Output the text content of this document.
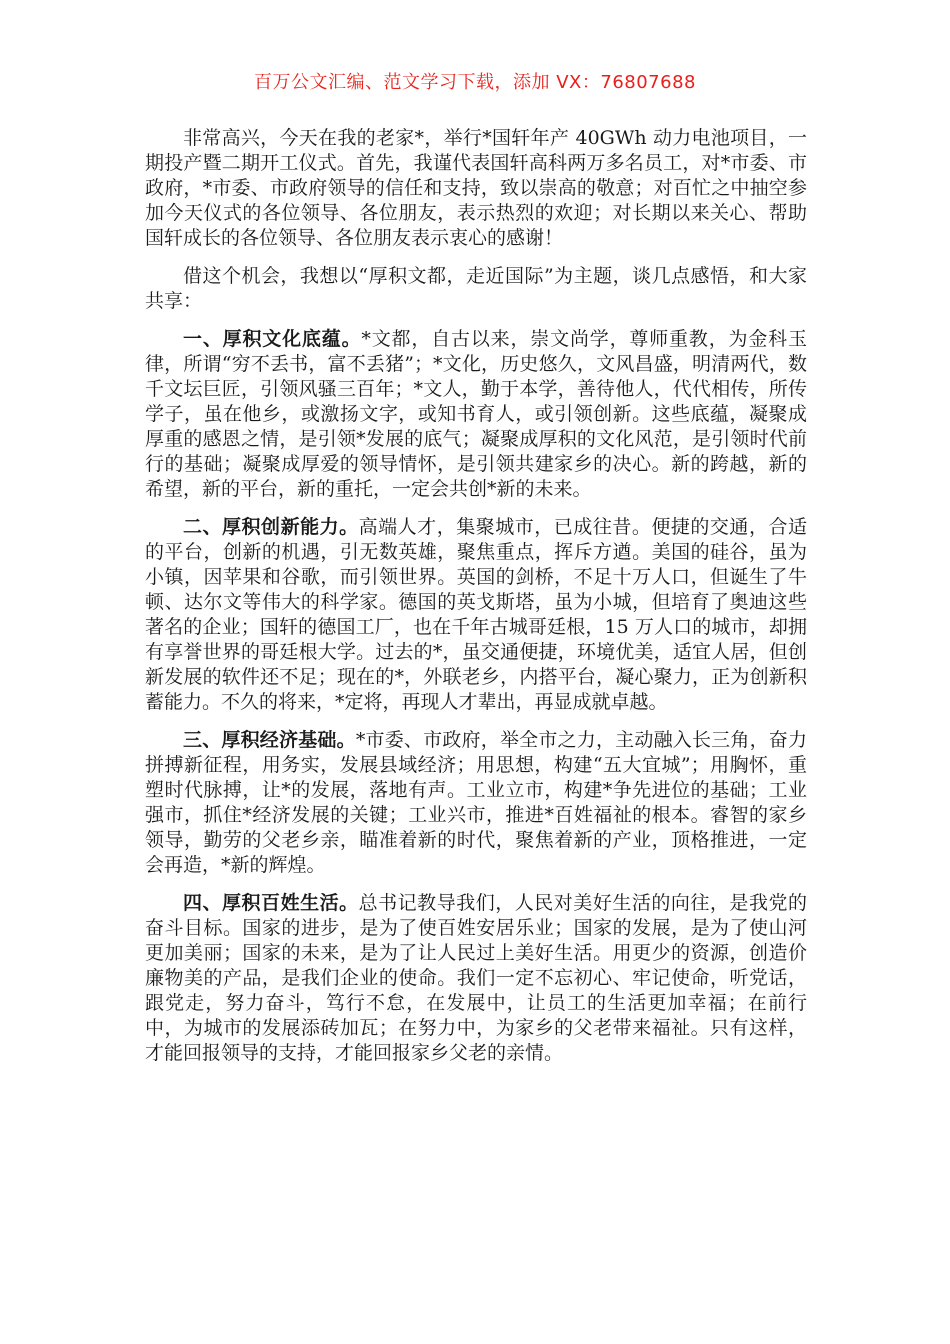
百万公文汇编、范文学习下载，添加 VX：76807688

非常高兴，今天在我的老家*，举行*国轩年产 40GWh 动力电池项目，一期投产暨二期开工仪式。首先，我谨代表国轩高科两万多名员工，对*市委、市政府，*市委、市政府领导的信任和支持，致以崇高的敬意；对百忙之中抽空参加今天仪式的各位领导、各位朋友，表示热烈的欢迎；对长期以来关心、帮助国轩成长的各位领导、各位朋友表示衷心的感谢！

借这个机会，我想以“厚积文都，走近国际”为主题，谈几点感悟，和大家共享：

一、厚积文化底蕴。*文都，自古以来，崇文尚学，尊师重教，为金科玉律，所谓“穷不丢书，富不丢猪”；*文化，历史悠久，文风昌盛，明清两代，数千文坛巨匠，引领风骚三百年；*文人，勤于本学，善待他人，代代相传，所传学子，虽在他乡，或激扬文字，或知书育人，或引领创新。这些底蕴，凝聚成厚重的感恩之情，是引领*发展的底气；凝聚成厚积的文化风范，是引领时代前行的基础；凝聚成厚爱的领导情怀，是引领共建家乡的决心。新的跨越，新的希望，新的平台，新的重托，一定会共创*新的未来。

二、厚积创新能力。高端人才，集聚城市，已成往昔。便捷的交通，合适的平台，创新的机遇，引无数英雄，聚焦重点，挥斥方遒。美国的硅谷，虽为小镇，因苹果和谷歌，而引领世界。英国的剑桥，不足十万人口，但诞生了牛顿、达尔文等伟大的科学家。德国的英戈斯塔，虽为小城，但培育了奥迪这些著名的企业；国轩的德国工厂，也在千年古城哥廷根，15 万人口的城市，却拥有享誉世界的哥廷根大学。过去的*，虽交通便捷，环境优美，适宜人居，但创新发展的软件还不足；现在的*，外联老乡，内搭平台，凝心聚力，正为创新积蓄能力。不久的将来，*定将，再现人才辈出，再显成就卓越。

三、厚积经济基础。*市委、市政府，举全市之力，主动融入长三角，奋力拼搏新征程，用务实，发展县域经济；用思想，构建“五大宜城”；用胸怀，重塑时代脉搏，让*的发展，落地有声。工业立市，构建*争先进位的基础；工业强市，抓住*经济发展的关键；工业兴市，推进*百姓福祉的根本。睿智的家乡领导，勤劳的父老乡亲，瞄准着新的时代，聚焦着新的产业，顶格推进，一定会再造，*新的辉煌。

四、厚积百姓生活。总书记教导我们，人民对美好生活的向往，是我党的奋斗目标。国家的进步，是为了使百姓安居乐业；国家的发展，是为了使山河更加美丽；国家的未来，是为了让人民过上美好生活。用更少的资源，创造价廉物美的产品，是我们企业的使命。我们一定不忘初心、牢记使命，听党话，跟党走，努力奋斗，笃行不怠，在发展中，让员工的生活更加幸福；在前行中，为城市的发展添砖加瓦；在努力中，为家乡的父老带来福祉。只有这样，才能回报领导的支持，才能回报家乡父老的亲情。
